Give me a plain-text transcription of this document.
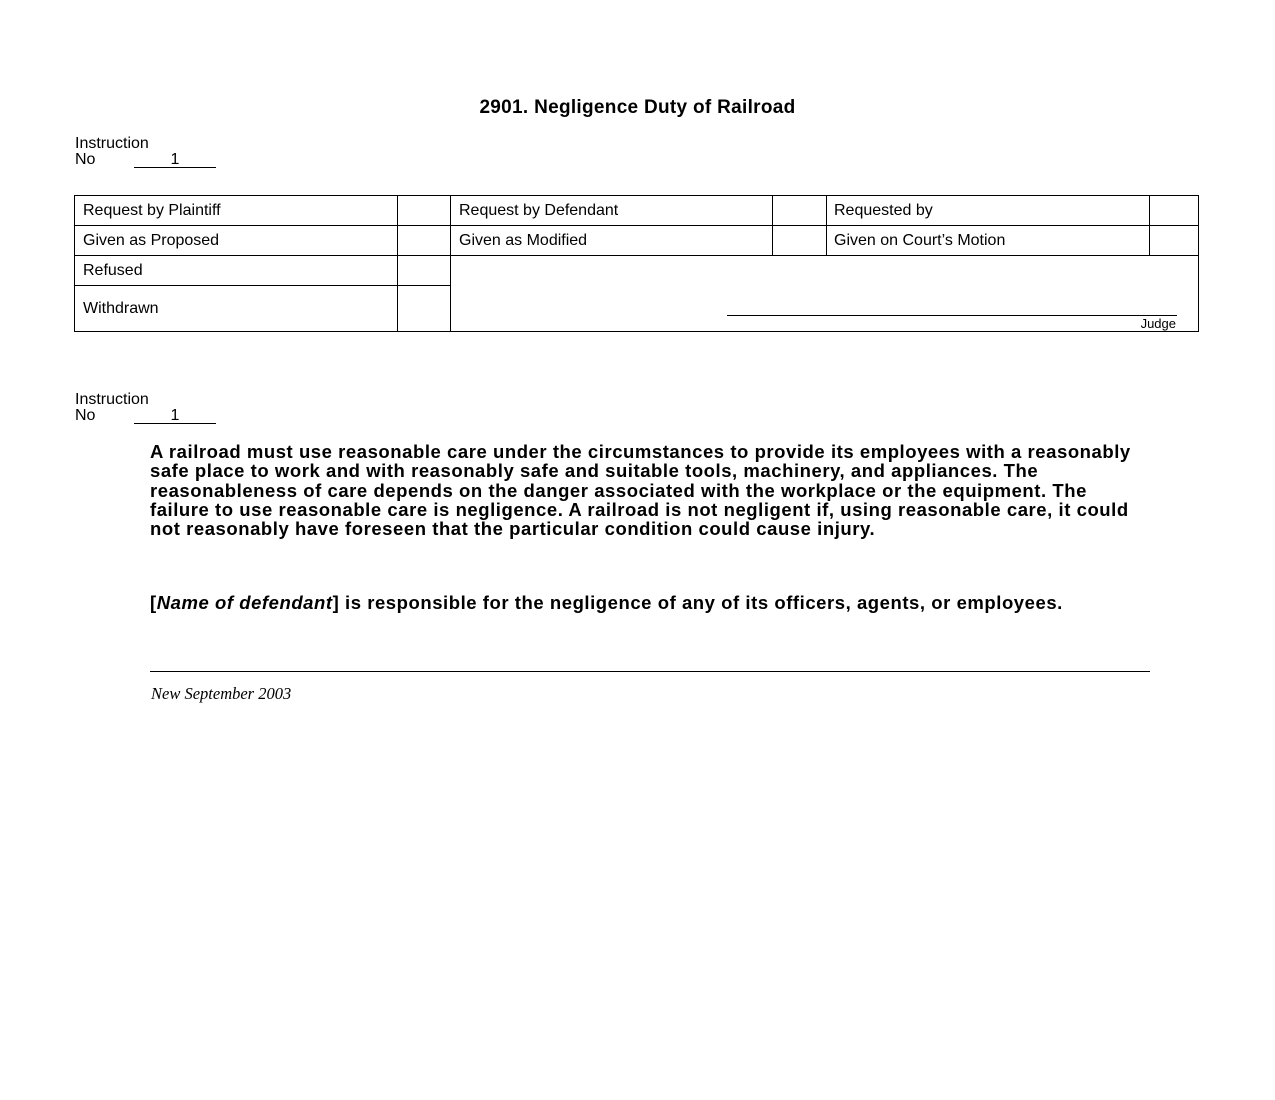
2901. Negligence Duty of Railroad
Instruction
No	1
Request by Plaintiff	Request by Defendant	Requested by
Given as Proposed	Given as Modified	Given on Court’s Motion
Refused
Withdrawn
Judge
Instruction
No	1

A railroad must use reasonable care under the circumstances to provide its employees with a reasonably safe place to work and with reasonably safe and suitable tools, machinery, and appliances. The reasonableness of care depends on the danger associated with the workplace or the equipment. The failure to use reasonable care is negligence. A railroad is not negligent if, using reasonable care, it could not reasonably have foreseen that the particular condition could cause injury.

[Name of defendant] is responsible for the negligence of any of its officers, agents, or employees.

New September 2003
